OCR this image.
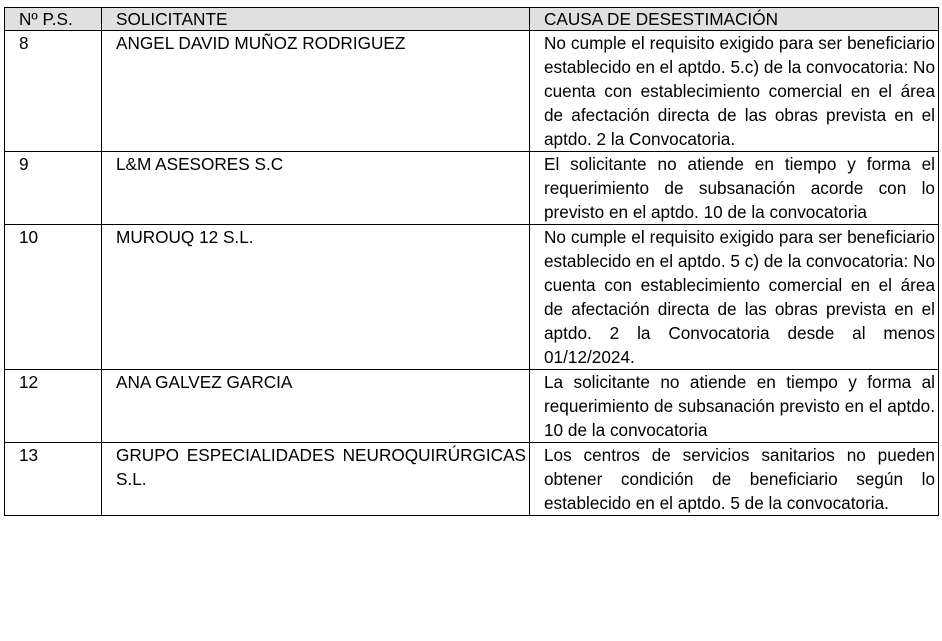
Nº P.S.	SOLICITANTE	CAUSA DE DESESTIMACIÓN
8	ANGEL DAVID MUÑOZ RODRIGUEZ	No cumple el requisito exigido para ser beneficiario establecido en el aptdo. 5.c) de la convocatoria: No cuenta con establecimiento comercial en el área de afectación directa de las obras prevista en el aptdo. 2 la Convocatoria.
9	L&M ASESORES S.C	El solicitante no atiende en tiempo y forma el requerimiento de subsanación acorde con lo previsto en el aptdo. 10 de la convocatoria
10	MUROUQ 12 S.L.	No cumple el requisito exigido para ser beneficiario establecido en el aptdo. 5 c) de la convocatoria: No cuenta con establecimiento comercial en el área de afectación directa de las obras prevista en el aptdo. 2 la Convocatoria desde al menos 01/12/2024.
12	ANA GALVEZ GARCIA	La solicitante no atiende en tiempo y forma al requerimiento de subsanación previsto en el aptdo. 10 de la convocatoria
13	GRUPO ESPECIALIDADES NEUROQUIRÚRGICAS S.L.	Los centros de servicios sanitarios no pueden obtener condición de beneficiario según lo establecido en el aptdo. 5 de la convocatoria.
